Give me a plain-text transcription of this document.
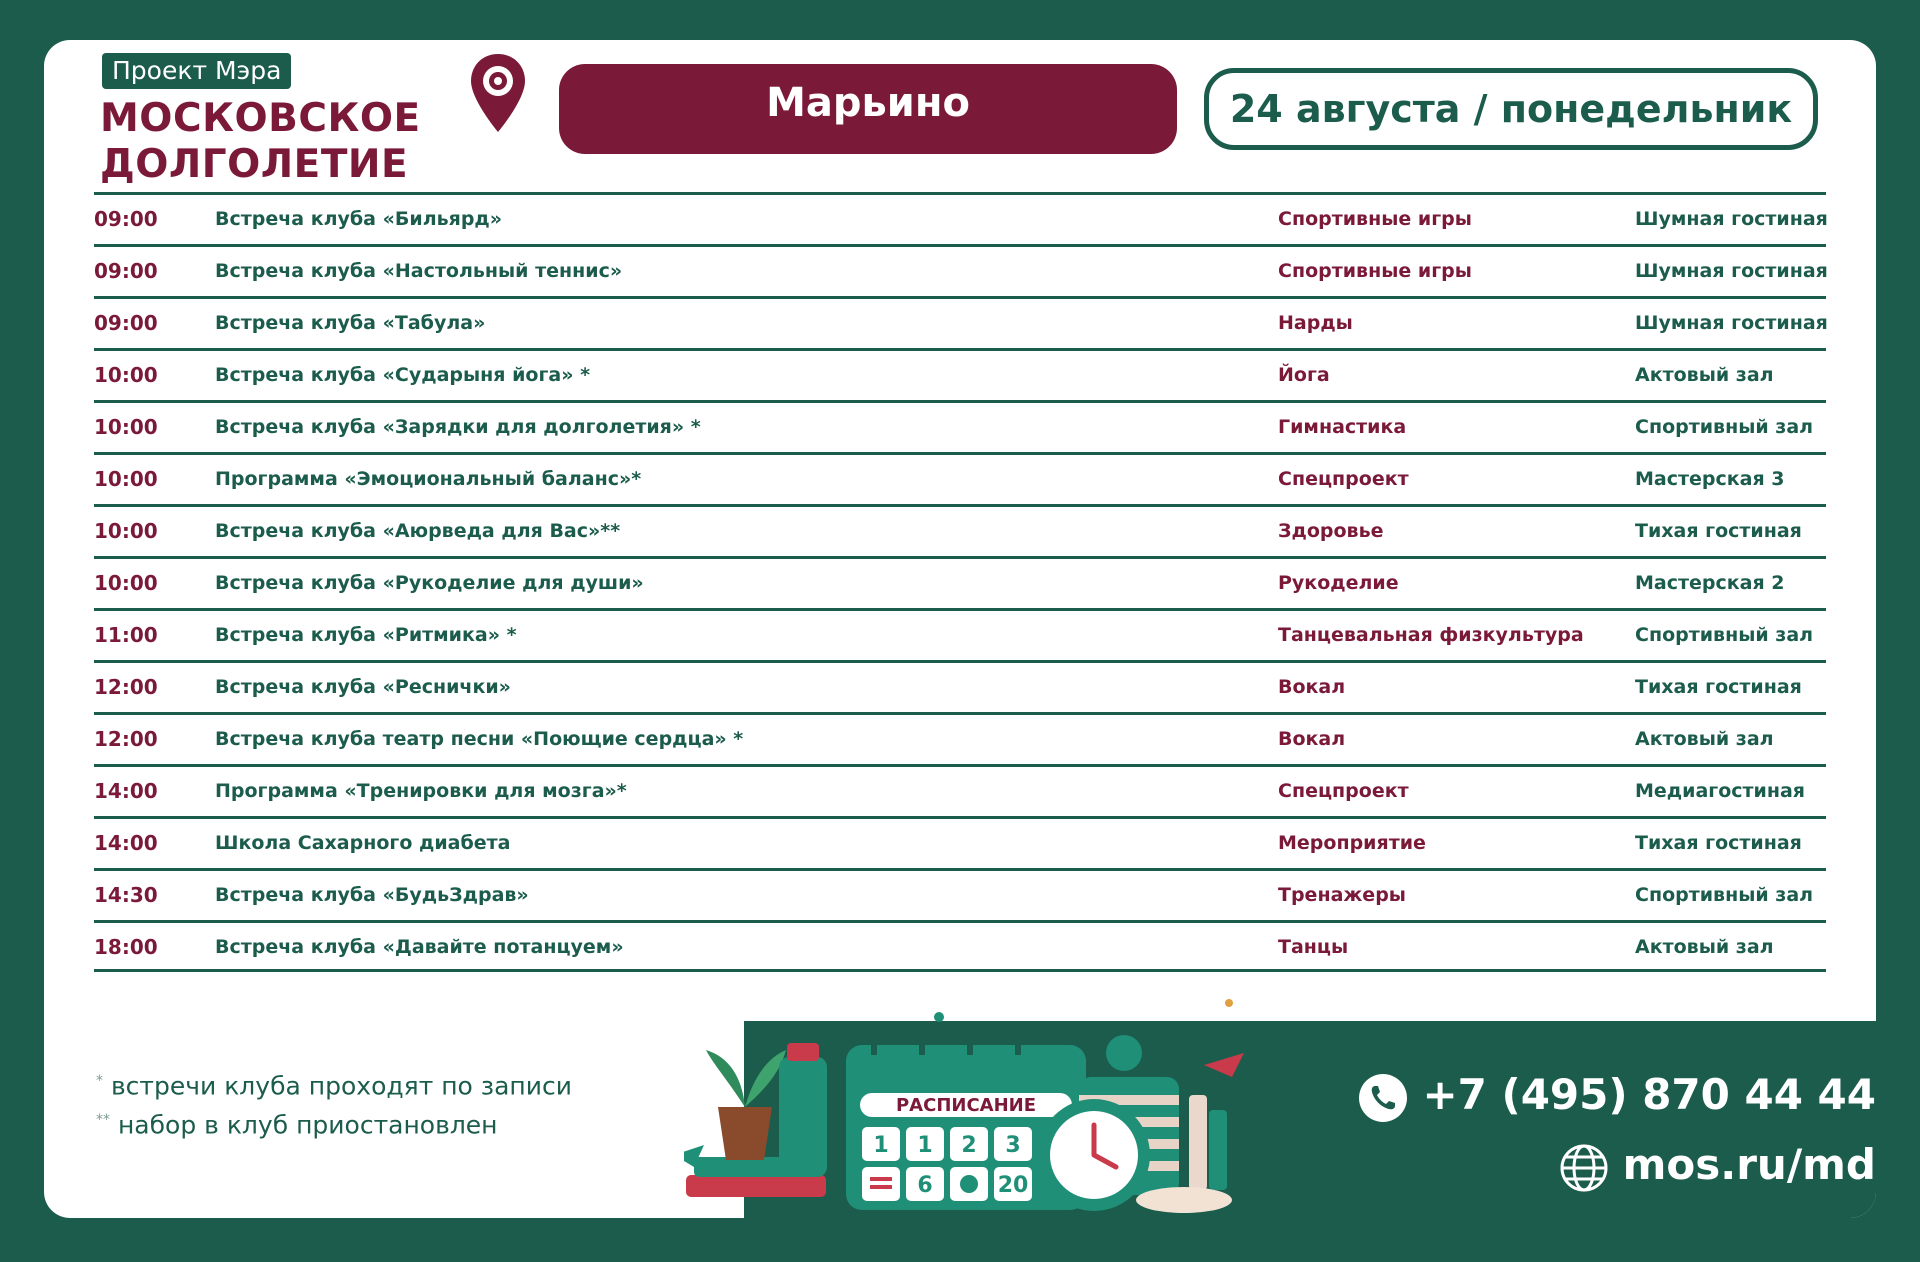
Проект Мэра
МОСКОВСКОЕ
ДОЛГОЛЕТИЕ
Марьино	24 августа / понедельник
09:00	Встреча клуба «Бильярд»	Спортивные игры	Шумная гостиная
09:00	Встреча клуба «Настольный теннис»	Спортивные игры	Шумная гостиная
09:00	Встреча клуба «Табула»	Нарды	Шумная гостиная
10:00	Встреча клуба «Сударыня йога» *	Йога	Актовый зал
10:00	Встреча клуба «Зарядки для долголетия» *	Гимнастика	Спортивный зал
10:00	Программа «Эмоциональный баланс»*	Спецпроект	Мастерская 3
10:00	Встреча клуба «Аюрведа для Вас»**	Здоровье	Тихая гостиная
10:00	Встреча клуба «Рукоделие для души»	Рукоделие	Мастерская 2
11:00	Встреча клуба «Ритмика» *	Танцевальная физкультура	Спортивный зал
12:00	Встреча клуба «Реснички»	Вокал	Тихая гостиная
12:00	Встреча клуба театр песни «Поющие сердца» *	Вокал	Актовый зал
14:00	Программа «Тренировки для мозга»*	Спецпроект	Медиагостиная
14:00	Школа Сахарного диабета	Мероприятие	Тихая гостиная
14:30	Встреча клуба «БудьЗдрав»	Тренажеры	Спортивный зал
18:00	Встреча клуба «Давайте потанцуем»	Танцы	Актовый зал
* встречи клуба проходят по записи
** набор в клуб приостановлен
РАСПИСАНИЕ
1 1 2 3
6	20
+7 (495) 870 44 44
mos.ru/md
